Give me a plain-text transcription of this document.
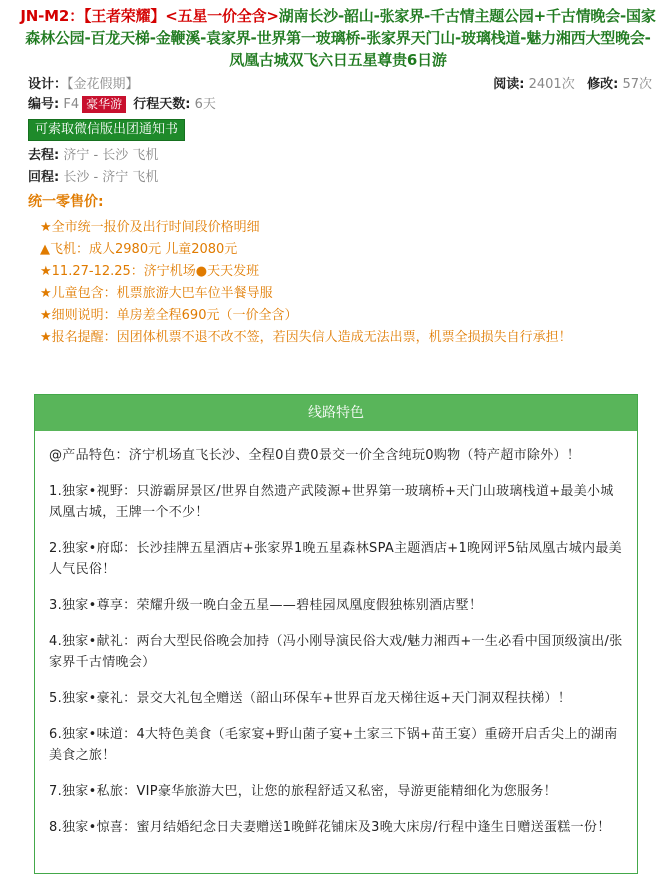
JN-M2：【王者荣耀】<五星一价全含>湖南长沙-韶山-张家界-千古情主题公园+千古情晚会-国家森林公园-百龙天梯-金鞭溪-袁家界-世界第一玻璃桥-张家界天门山-玻璃栈道-魅力湘西大型晚会-凤凰古城双飞六日五星尊贵6日游
设计：【金花假期】	阅读: 2401次 修改: 57次
编号: F4 豪华游 行程天数: 6天
可索取微信版出团通知书
去程: 济宁 - 长沙 飞机
回程: 长沙 - 济宁 飞机
统一零售价:
★全市统一报价及出行时间段价格明细
▲飞机：成人2980元 儿童2080元
★11.27-12.25：济宁机场●天天发班
★儿童包含：机票旅游大巴车位半餐导服
★细则说明：单房差全程690元（一价全含）
★报名提醒：因团体机票不退不改不签，若因失信人造成无法出票，机票全损损失自行承担！
线路特色
@产品特色：济宁机场直飞长沙、全程0自费0景交一价全含纯玩0购物（特产超市除外）！
1.独家•视野：只游霸屏景区/世界自然遗产武陵源+世界第一玻璃桥+天门山玻璃栈道+最美小城凤凰古城，王牌一个不少！
2.独家•府邸：长沙挂牌五星酒店+张家界1晚五星森林SPA主题酒店+1晚网评5钻凤凰古城内最美人气民俗！
3.独家•尊享：荣耀升级一晚白金五星——碧桂园凤凰度假独栋别酒店墅！
4.独家•献礼：两台大型民俗晚会加持（冯小刚导演民俗大戏/魅力湘西+一生必看中国顶级演出/张家界千古情晚会）
5.独家•豪礼：景交大礼包全赠送（韶山环保车+世界百龙天梯往返+天门洞双程扶梯）！
6.独家•味道：4大特色美食（毛家宴+野山菌子宴+土家三下锅+苗王宴）重磅开启舌尖上的湖南美食之旅！
7.独家•私旅：VIP豪华旅游大巴，让您的旅程舒适又私密，导游更能精细化为您服务！
8.独家•惊喜：蜜月结婚纪念日夫妻赠送1晚鲜花铺床及3晚大床房/行程中逢生日赠送蛋糕一份！
